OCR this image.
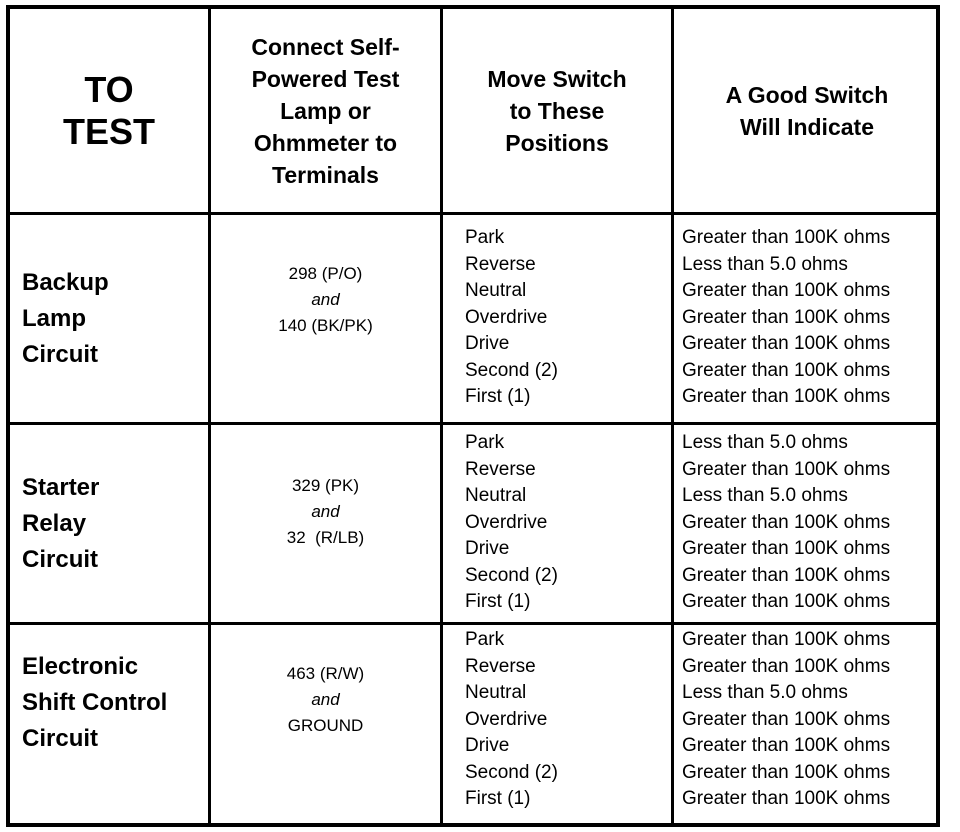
TO
TEST
Connect Self-
Powered Test
Lamp or
Ohmmeter to
Terminals
Move Switch
to These
Positions
A Good Switch
Will Indicate
Backup
Lamp
Circuit
298 (P/O)
and
140 (BK/PK)
Park
Reverse
Neutral
Overdrive
Drive
Second (2)
First (1)
Greater than 100K ohms
Less than 5.0 ohms
Greater than 100K ohms
Greater than 100K ohms
Greater than 100K ohms
Greater than 100K ohms
Greater than 100K ohms
Starter
Relay
Circuit
329 (PK)
and
32  (R/LB)
Park
Reverse
Neutral
Overdrive
Drive
Second (2)
First (1)
Less than 5.0 ohms
Greater than 100K ohms
Less than 5.0 ohms
Greater than 100K ohms
Greater than 100K ohms
Greater than 100K ohms
Greater than 100K ohms
Electronic
Shift Control
Circuit
463 (R/W)
and
GROUND
Park
Reverse
Neutral
Overdrive
Drive
Second (2)
First (1)
Greater than 100K ohms
Greater than 100K ohms
Less than 5.0 ohms
Greater than 100K ohms
Greater than 100K ohms
Greater than 100K ohms
Greater than 100K ohms
